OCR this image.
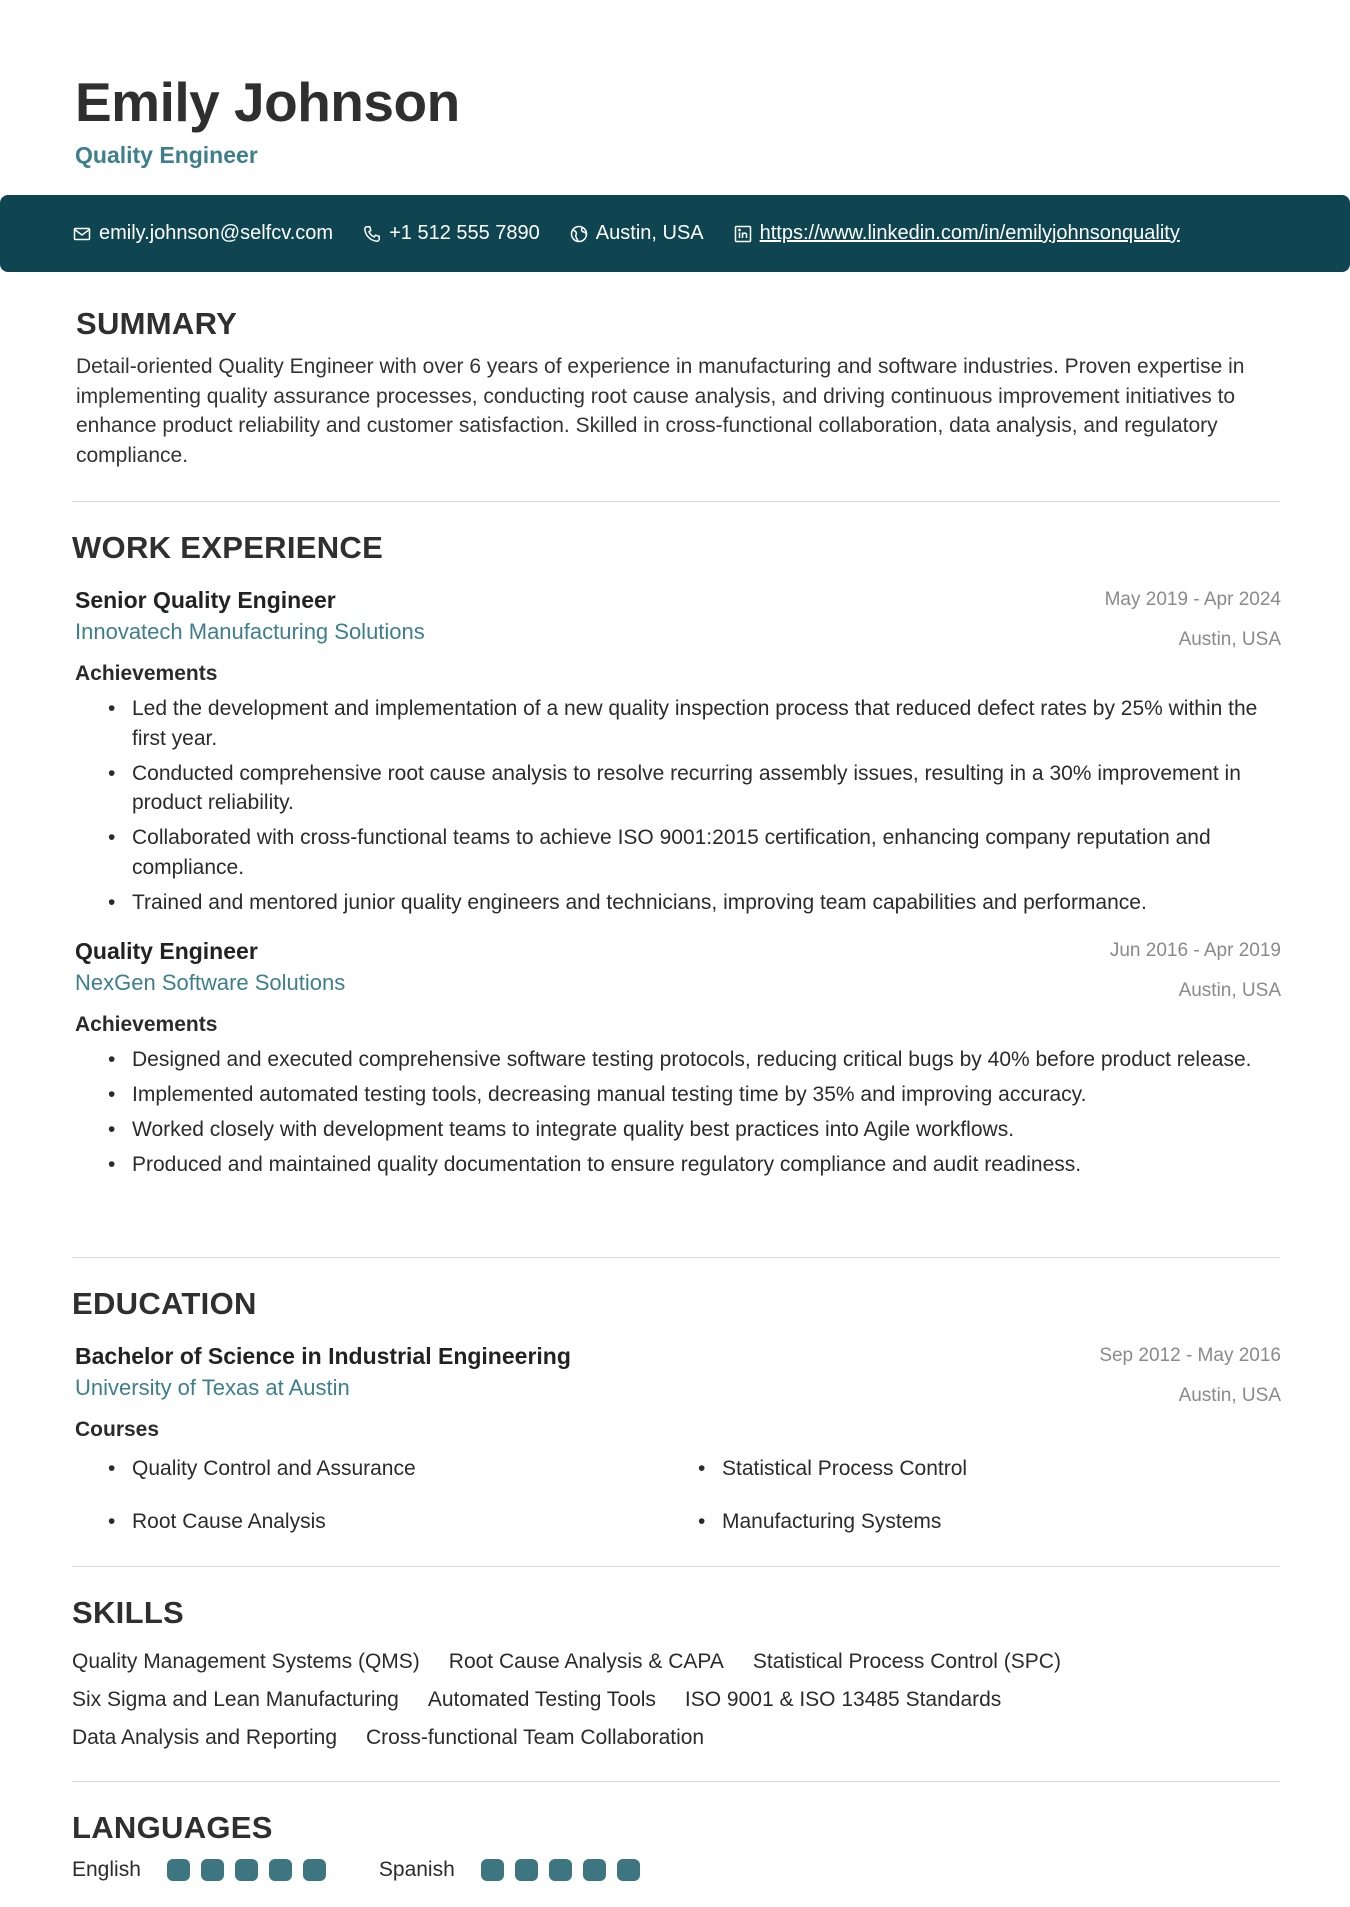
Emily Johnson
Quality Engineer
emily.johnson@selfcv.com	+1 512 555 7890	Austin, USA	https://www.linkedin.com/in/emilyjohnsonquality
SUMMARY
Detail-oriented Quality Engineer with over 6 years of experience in manufacturing and software industries. Proven expertise in implementing quality assurance processes, conducting root cause analysis, and driving continuous improvement initiatives to enhance product reliability and customer satisfaction. Skilled in cross-functional collaboration, data analysis, and regulatory compliance.
WORK EXPERIENCE
Senior Quality Engineer
Innovatech Manufacturing Solutions
May 2019 - Apr 2024
Austin, USA
Achievements
• Led the development and implementation of a new quality inspection process that reduced defect rates by 25% within the first year.
• Conducted comprehensive root cause analysis to resolve recurring assembly issues, resulting in a 30% improvement in product reliability.
• Collaborated with cross-functional teams to achieve ISO 9001:2015 certification, enhancing company reputation and compliance.
• Trained and mentored junior quality engineers and technicians, improving team capabilities and performance.
Quality Engineer
NexGen Software Solutions
Jun 2016 - Apr 2019
Austin, USA
Achievements
• Designed and executed comprehensive software testing protocols, reducing critical bugs by 40% before product release.
• Implemented automated testing tools, decreasing manual testing time by 35% and improving accuracy.
• Worked closely with development teams to integrate quality best practices into Agile workflows.
• Produced and maintained quality documentation to ensure regulatory compliance and audit readiness.
EDUCATION
Bachelor of Science in Industrial Engineering
University of Texas at Austin
Sep 2012 - May 2016
Austin, USA
Courses
• Quality Control and Assurance	• Statistical Process Control
• Root Cause Analysis	• Manufacturing Systems
SKILLS
Quality Management Systems (QMS) Root Cause Analysis & CAPA Statistical Process Control (SPC)
Six Sigma and Lean Manufacturing Automated Testing Tools ISO 9001 & ISO 13485 Standards
Data Analysis and Reporting Cross-functional Team Collaboration
LANGUAGES
English	Spanish
